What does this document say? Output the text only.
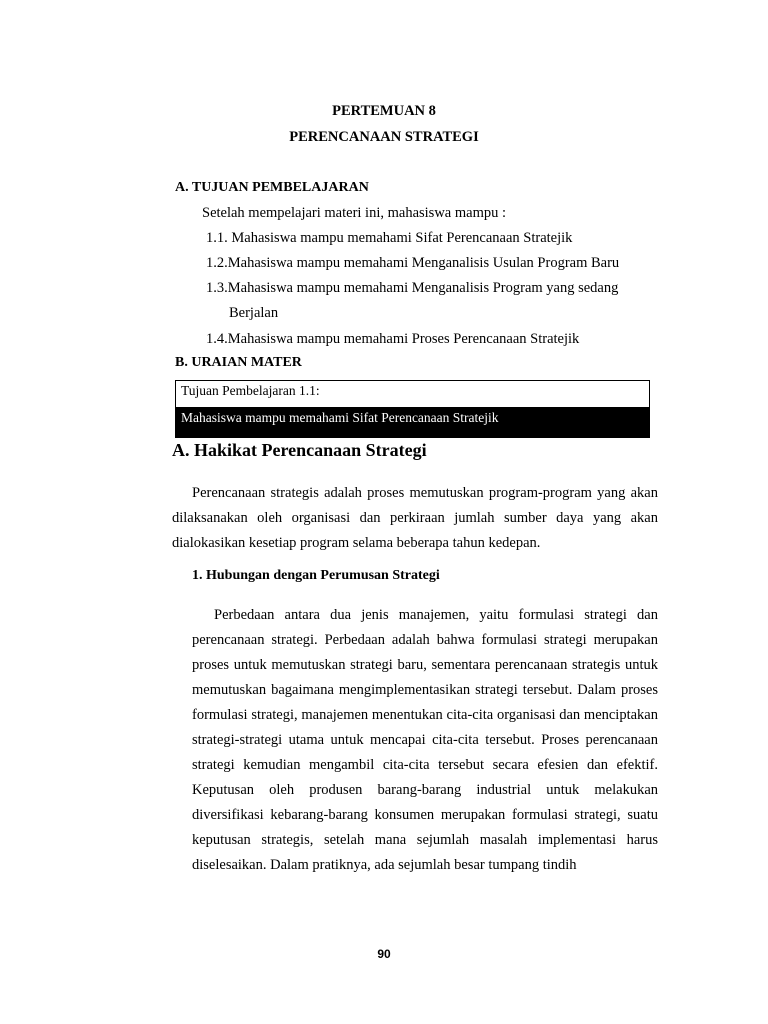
PERTEMUAN 8
PERENCANAAN STRATEGI
A. TUJUAN PEMBELAJARAN
Setelah mempelajari materi ini, mahasiswa mampu :
1.1. Mahasiswa mampu memahami Sifat Perencanaan Stratejik
1.2.Mahasiswa mampu memahami Menganalisis Usulan Program Baru
1.3.Mahasiswa mampu memahami Menganalisis Program yang sedang
Berjalan
1.4.Mahasiswa mampu memahami Proses Perencanaan Stratejik
B. URAIAN MATER
Tujuan Pembelajaran 1.1:
Mahasiswa mampu memahami Sifat Perencanaan Stratejik
A. Hakikat Perencanaan Strategi
Perencanaan strategis adalah proses memutuskan program-program yang akan dilaksanakan oleh organisasi dan perkiraan jumlah sumber daya yang akan dialokasikan kesetiap program selama beberapa tahun kedepan.
1. Hubungan dengan Perumusan Strategi
Perbedaan antara dua jenis manajemen, yaitu formulasi strategi dan perencanaan strategi. Perbedaan adalah bahwa formulasi strategi merupakan proses untuk memutuskan strategi baru, sementara perencanaan strategis untuk memutuskan bagaimana mengimplementasikan strategi tersebut. Dalam proses formulasi strategi, manajemen menentukan cita-cita organisasi dan menciptakan strategi-strategi utama untuk mencapai cita-cita tersebut. Proses perencanaan strategi kemudian mengambil cita-cita tersebut secara efesien dan efektif. Keputusan oleh produsen barang-barang industrial untuk melakukan diversifikasi kebarang-barang konsumen merupakan formulasi strategi, suatu keputusan strategis, setelah mana sejumlah masalah implementasi harus diselesaikan. Dalam pratiknya, ada sejumlah besar tumpang tindih
90
